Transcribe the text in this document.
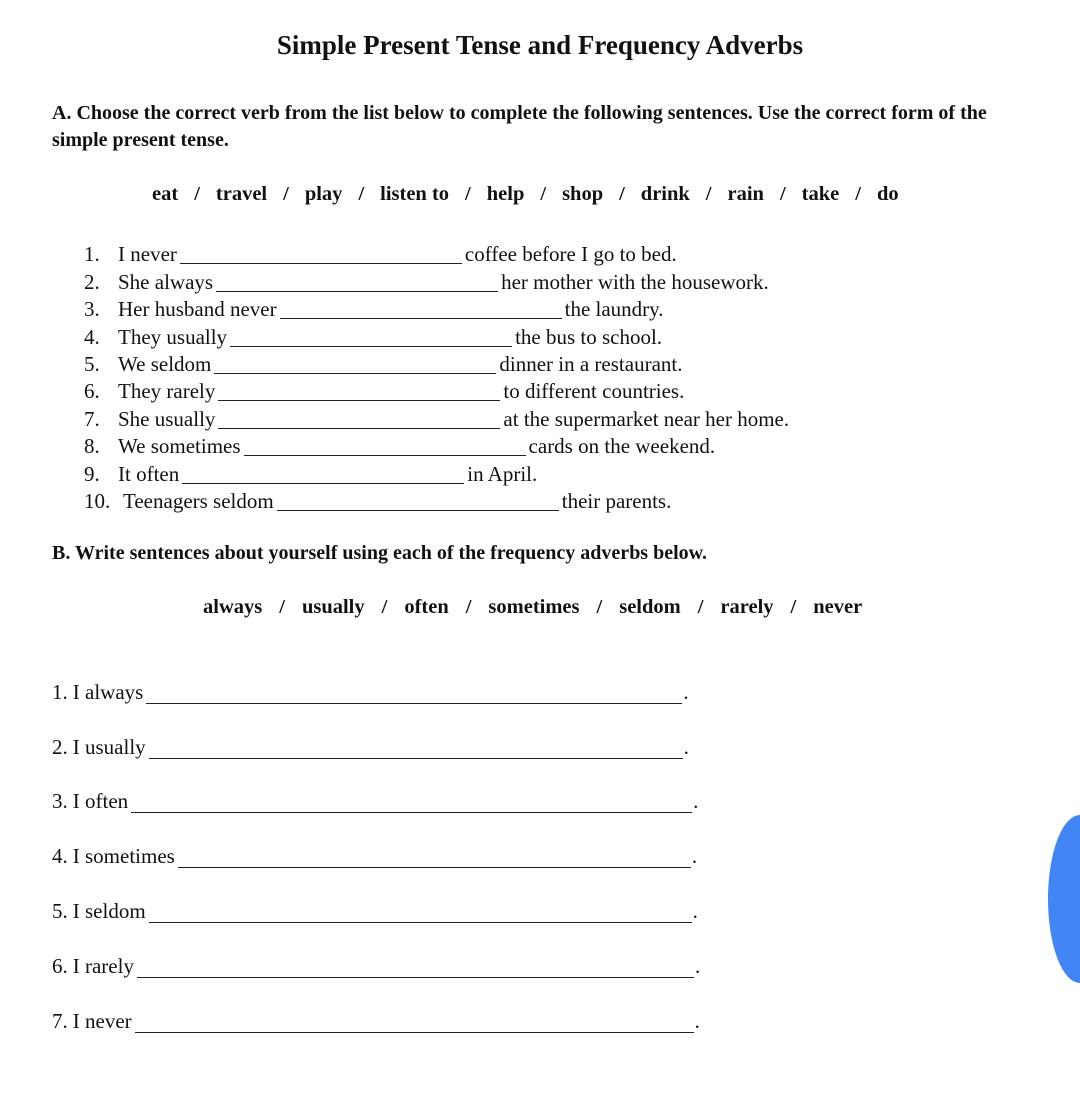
Simple Present Tense and Frequency Adverbs

A. Choose the correct verb from the list below to complete the following sentences. Use the correct form of the simple present tense.

eat / travel / play / listen to / help / shop / drink / rain / take / do
1. I never	coffee before I go to bed.
2. She always	her mother with the housework.
3. Her husband never	the laundry.
4. They usually	the bus to school.
5. We seldom	dinner in a restaurant.
6. They rarely	to different countries.
7. She usually	at the supermarket near her home.
8. We sometimes	cards on the weekend.
9. It often	in April.
10. Teenagers seldom	their parents.

B. Write sentences about yourself using each of the frequency adverbs below.

always / usually / often / sometimes / seldom / rarely / never
1. I always	.
2. I usually	.
3. I often	.
4. I sometimes	.
5. I seldom	.
6. I rarely	.
7. I never	.
